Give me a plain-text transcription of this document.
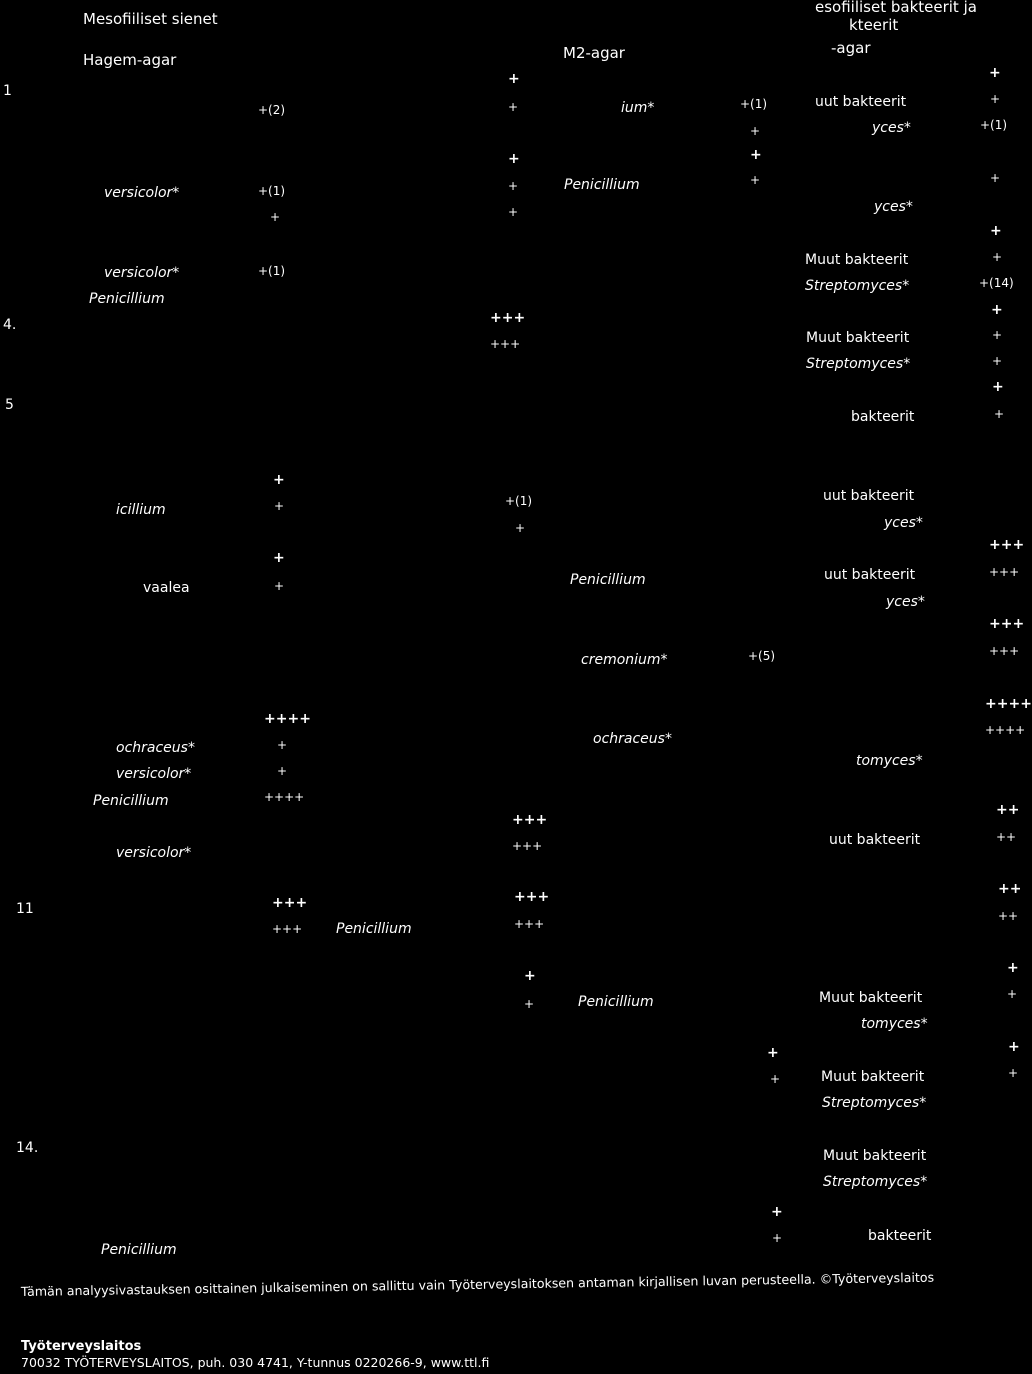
Mesofiiliset sienet
Hagem-agar	M2-agar
esofiiliset bakteerit ja
kteerit
-agar
1
4.
5
11
14.
versicolor*
versicolor*
Penicillium
icillium
vaalea
ochraceus*
versicolor*
Penicillium
versicolor*
Penicillium
+(2)
+(1)
+
+(1)
+
+
+
+
++++
+
+
++++
+++
+++ Penicillium
+
+
+
+
+
+++
+++
+(1)
+
+++
+++
+++
+++
+
+
ium*
Penicillium
Penicillium
cremonium*
ochraceus*
Penicillium
+(1)
+
+
+
+(5)
+
+
+
+
uut bakteerit
yces*
yces*
Muut bakteerit
Streptomyces*
Muut bakteerit
Streptomyces*
bakteerit
uut bakteerit
yces*
uut bakteerit
yces*
tomyces*
uut bakteerit
Muut bakteerit
tomyces*
Muut bakteerit
Streptomyces*
Muut bakteerit
Streptomyces*
bakteerit
+
+
+(1)
+
+
+
+(14)
+
+
+
+
+
+++
+++
+++
+++
++++
++++
++
++
++
++
+
+
+
+
Tämän analyysivastauksen osittainen julkaiseminen on sallittu vain Työterveyslaitoksen antaman kirjallisen luvan perusteella. ©Työterveyslaitos
Työterveyslaitos
70032 TYÖTERVEYSLAITOS, puh. 030 4741, Y-tunnus 0220266-9, www.ttl.fi
